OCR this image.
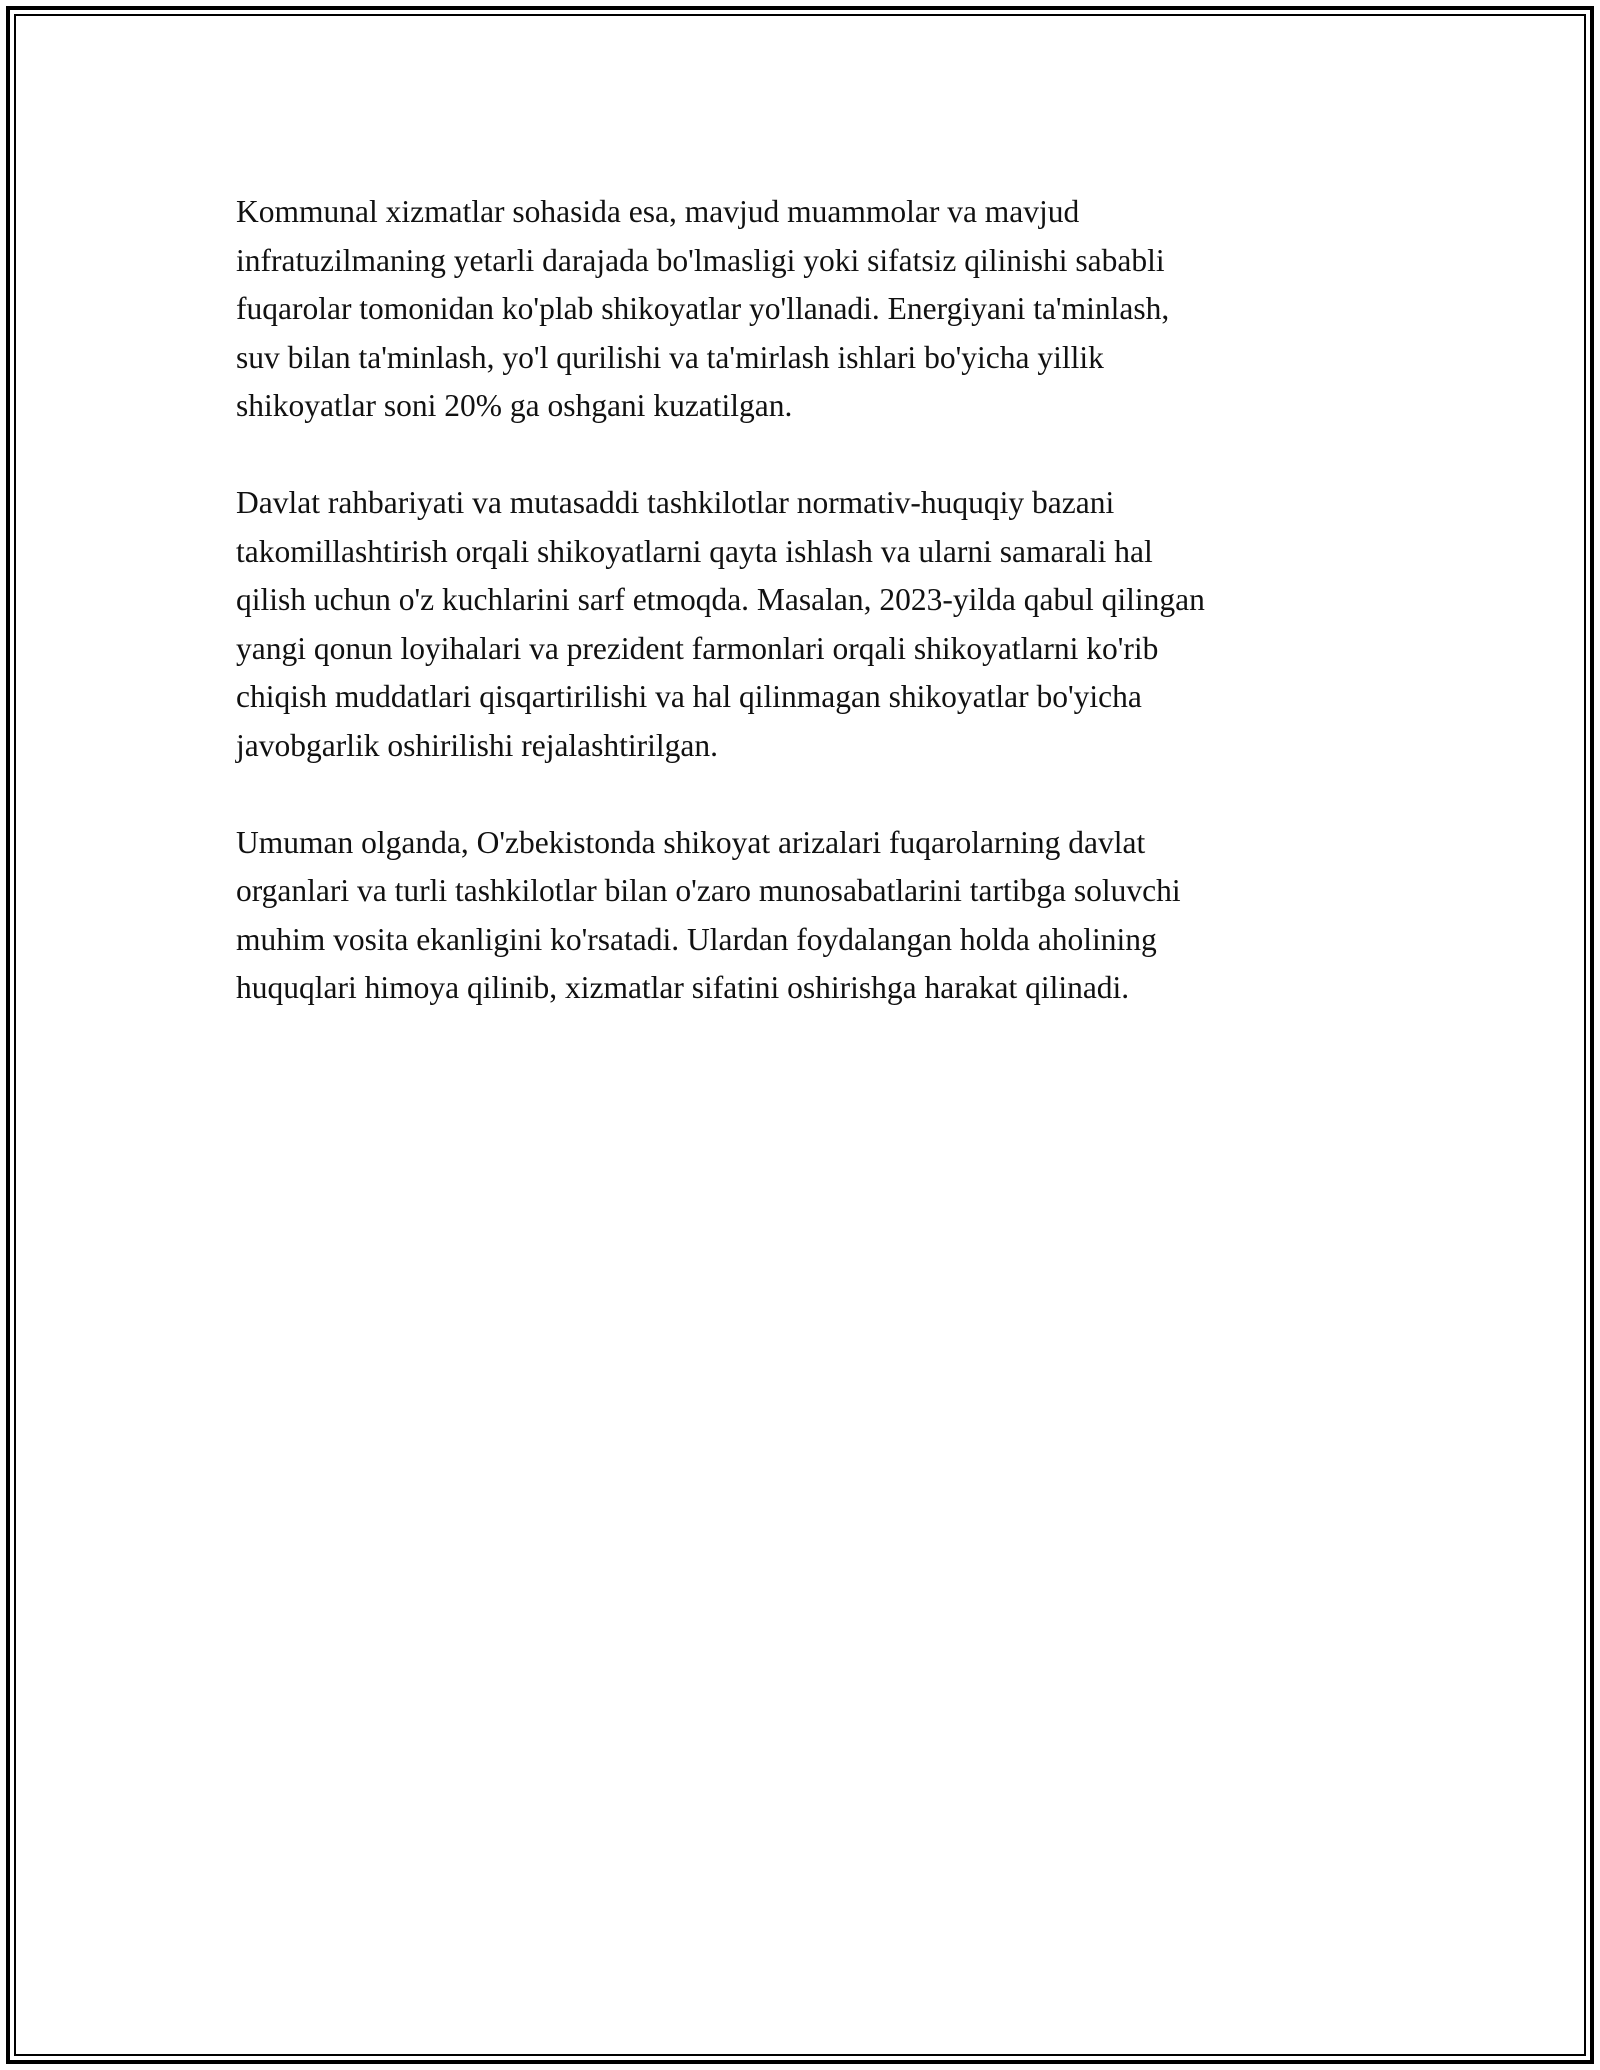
Kommunal xizmatlar sohasida esa, mavjud muammolar va mavjud
infratuzilmaning yetarli darajada bo'lmasligi yoki sifatsiz qilinishi sababli
fuqarolar tomonidan ko'plab shikoyatlar yo'llanadi. Energiyani ta'minlash,
suv bilan ta'minlash, yo'l qurilishi va ta'mirlash ishlari bo'yicha yillik
shikoyatlar soni 20% ga oshgani kuzatilgan.

Davlat rahbariyati va mutasaddi tashkilotlar normativ-huquqiy bazani
takomillashtirish orqali shikoyatlarni qayta ishlash va ularni samarali hal
qilish uchun o'z kuchlarini sarf etmoqda. Masalan, 2023-yilda qabul qilingan
yangi qonun loyihalari va prezident farmonlari orqali shikoyatlarni ko'rib
chiqish muddatlari qisqartirilishi va hal qilinmagan shikoyatlar bo'yicha
javobgarlik oshirilishi rejalashtirilgan.

Umuman olganda, O'zbekistonda shikoyat arizalari fuqarolarning davlat
organlari va turli tashkilotlar bilan o'zaro munosabatlarini tartibga soluvchi
muhim vosita ekanligini ko'rsatadi. Ulardan foydalangan holda aholining
huquqlari himoya qilinib, xizmatlar sifatini oshirishga harakat qilinadi.
